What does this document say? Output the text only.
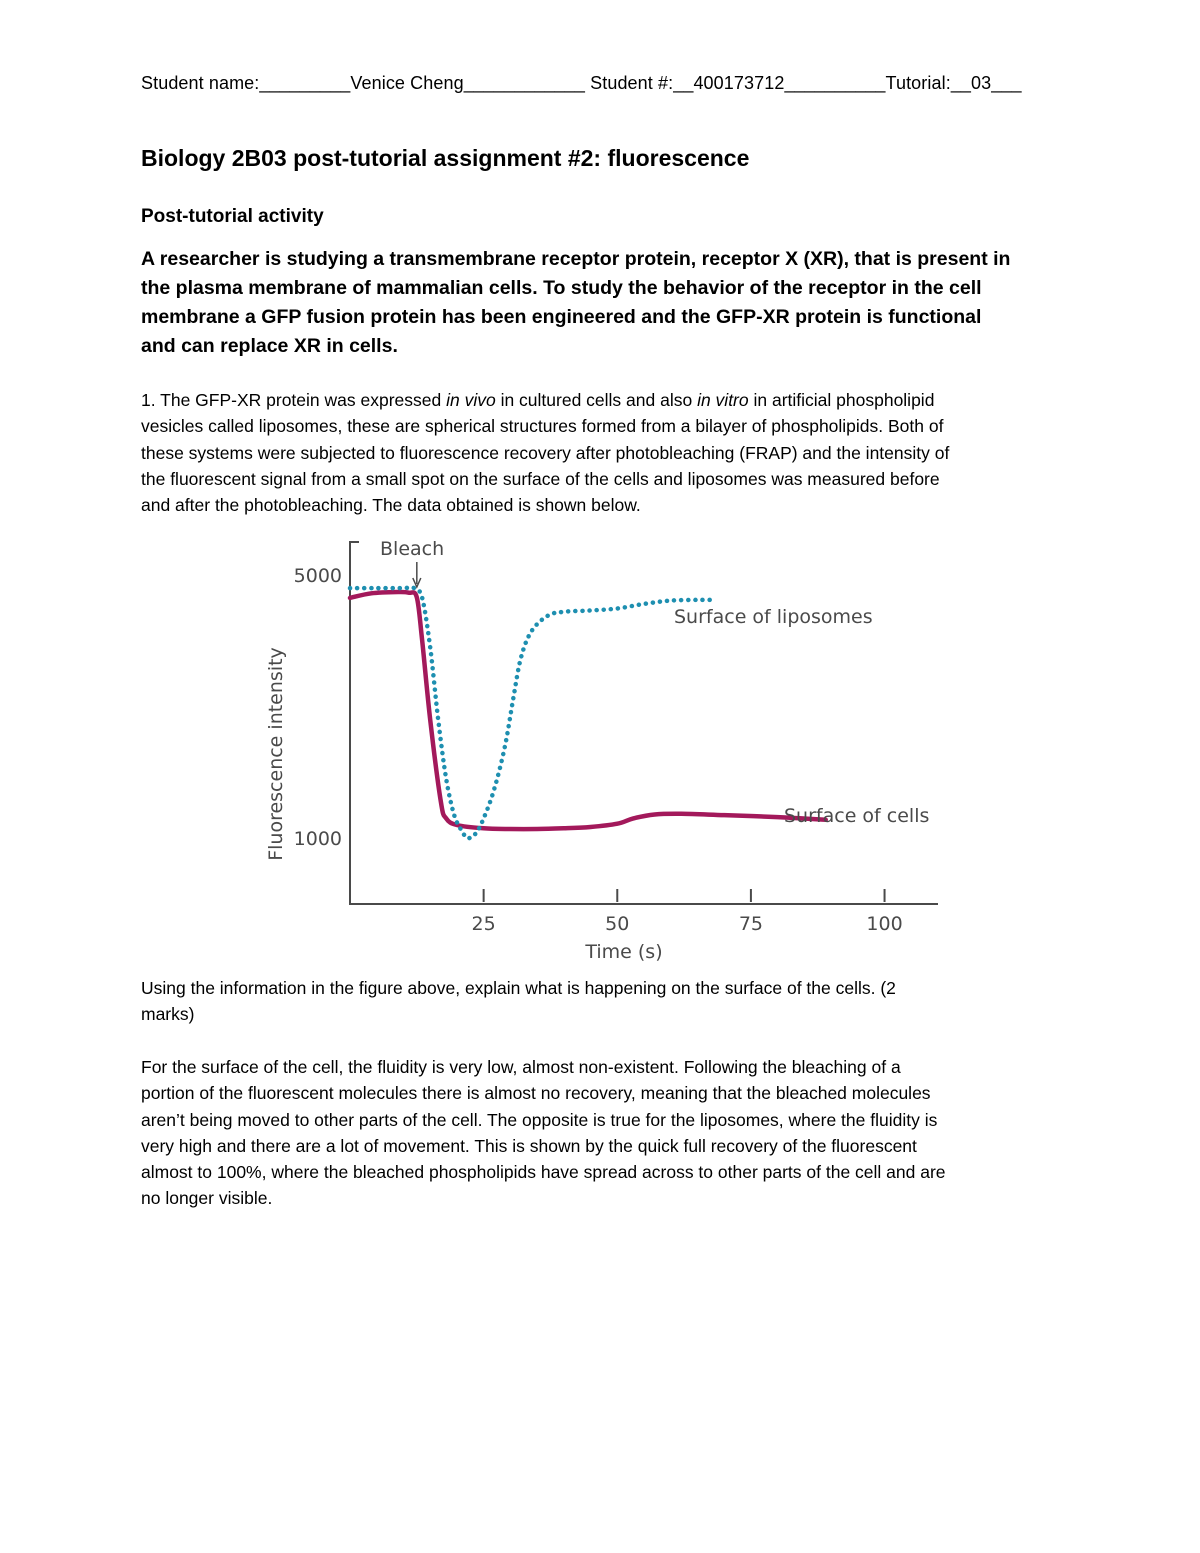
Student name:_________Venice Cheng____________ Student #:__400173712__________Tutorial:__03___
Biology 2B03 post-tutorial assignment #2: fluorescence
Post-tutorial activity

A researcher is studying a transmembrane receptor protein, receptor X (XR), that is present in
the plasma membrane of mammalian cells. To study the behavior of the receptor in the cell
membrane a GFP fusion protein has been engineered and the GFP-XR protein is functional
and can replace XR in cells.

1. The GFP-XR protein was expressed in vivo in cultured cells and also in vitro in artificial phospholipid
vesicles called liposomes, these are spherical structures formed from a bilayer of phospholipids. Both of
these systems were subjected to fluorescence recovery after photobleaching (FRAP) and the intensity of
the fluorescent signal from a small spot on the surface of the cells and liposomes was measured before
and after the photobleaching. The data obtained is shown below.

25	50	75	100
1000
5000
Fluorescence intensity
Time (s)
Bleach
Surface of liposomes
Surface of cells

Using the information in the figure above, explain what is happening on the surface of the cells. (2
marks)

For the surface of the cell, the fluidity is very low, almost non-existent. Following the bleaching of a
portion of the fluorescent molecules there is almost no recovery, meaning that the bleached molecules
aren’t being moved to other parts of the cell. The opposite is true for the liposomes, where the fluidity is
very high and there are a lot of movement. This is shown by the quick full recovery of the fluorescent
almost to 100%, where the bleached phospholipids have spread across to other parts of the cell and are
no longer visible.
